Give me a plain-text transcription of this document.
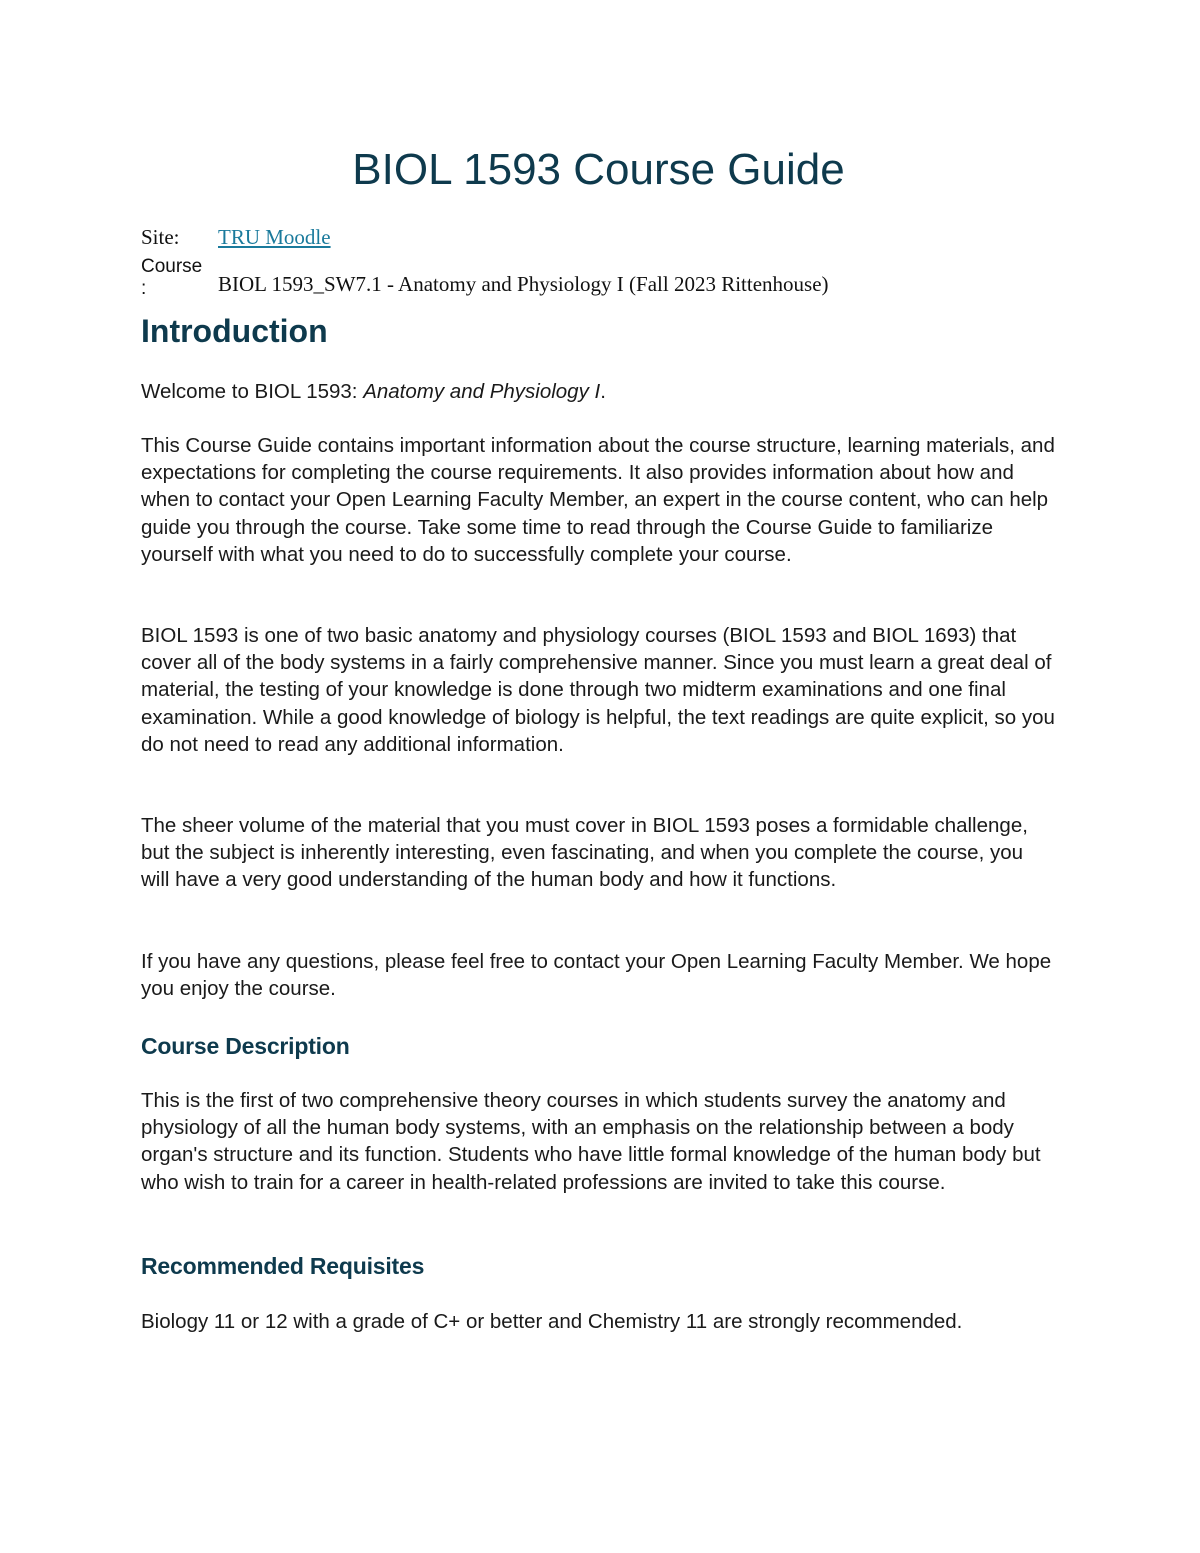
BIOL 1593 Course Guide
Site:	TRU Moodle
Course
:	BIOL 1593_SW7.1 - Anatomy and Physiology I (Fall 2023 Rittenhouse)
Introduction

Welcome to BIOL 1593: Anatomy and Physiology I.

This Course Guide contains important information about the course structure, learning materials, and expectations for completing the course requirements. It also provides information about how and when to contact your Open Learning Faculty Member, an expert in the course content, who can help guide you through the course. Take some time to read through the Course Guide to familiarize yourself with what you need to do to successfully complete your course.

BIOL 1593 is one of two basic anatomy and physiology courses (BIOL 1593 and BIOL 1693) that cover all of the body systems in a fairly comprehensive manner. Since you must learn a great deal of material, the testing of your knowledge is done through two midterm examinations and one final examination. While a good knowledge of biology is helpful, the text readings are quite explicit, so you do not need to read any additional information.

The sheer volume of the material that you must cover in BIOL 1593 poses a formidable challenge, but the subject is inherently interesting, even fascinating, and when you complete the course, you will have a very good understanding of the human body and how it functions.

If you have any questions, please feel free to contact your Open Learning Faculty Member. We hope you enjoy the course.

Course Description

This is the first of two comprehensive theory courses in which students survey the anatomy and physiology of all the human body systems, with an emphasis on the relationship between a body organ's structure and its function. Students who have little formal knowledge of the human body but who wish to train for a career in health-related professions are invited to take this course.

Recommended Requisites

Biology 11 or 12 with a grade of C+ or better and Chemistry 11 are strongly recommended.
